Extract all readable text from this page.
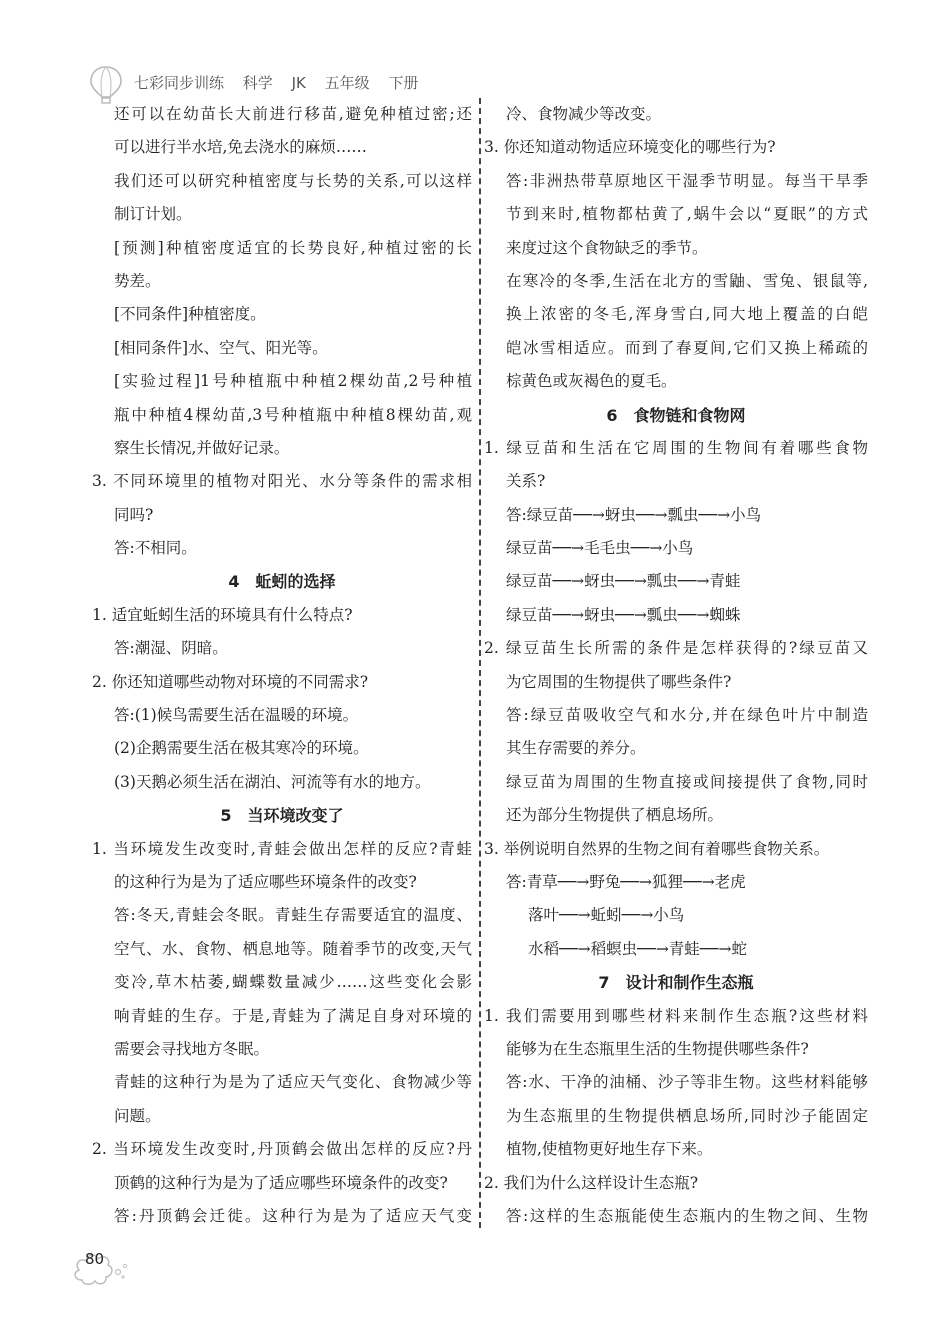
七彩同步训练 科学 JK 五年级 下册
还可以在幼苗长大前进行移苗,避免种植过密;还
可以进行半水培,免去浇水的麻烦……
我们还可以研究种植密度与长势的关系,可以这样
制订计划。
[预测]种植密度适宜的长势良好,种植过密的长
势差。
[不同条件]种植密度。
[相同条件]水、空气、阳光等。
[实验过程]1号种植瓶中种植2棵幼苗,2号种植
瓶中种植4棵幼苗,3号种植瓶中种植8棵幼苗,观
察生长情况,并做好记录。
3. 不同环境里的植物对阳光、水分等条件的需求相
同吗?
答:不相同。
4　蚯蚓的选择
1. 适宜蚯蚓生活的环境具有什么特点?
答:潮湿、阴暗。
2. 你还知道哪些动物对环境的不同需求?
答:(1)候鸟需要生活在温暖的环境。
(2)企鹅需要生活在极其寒冷的环境。
(3)天鹅必须生活在湖泊、河流等有水的地方。
5　当环境改变了
1. 当环境发生改变时,青蛙会做出怎样的反应?青蛙
的这种行为是为了适应哪些环境条件的改变?
答:冬天,青蛙会冬眠。青蛙生存需要适宜的温度、
空气、水、食物、栖息地等。随着季节的改变,天气
变冷,草木枯萎,蝴蝶数量减少……这些变化会影
响青蛙的生存。于是,青蛙为了满足自身对环境的
需要会寻找地方冬眠。
青蛙的这种行为是为了适应天气变化、食物减少等
问题。
2. 当环境发生改变时,丹顶鹤会做出怎样的反应?丹
顶鹤的这种行为是为了适应哪些环境条件的改变?
答:丹顶鹤会迁徙。这种行为是为了适应天气变
冷、食物减少等改变。
3. 你还知道动物适应环境变化的哪些行为?
答:非洲热带草原地区干湿季节明显。每当干旱季
节到来时,植物都枯黄了,蜗牛会以“夏眠”的方式
来度过这个食物缺乏的季节。
在寒冷的冬季,生活在北方的雪鼬、雪兔、银鼠等,
换上浓密的冬毛,浑身雪白,同大地上覆盖的白皑
皑冰雪相适应。而到了春夏间,它们又换上稀疏的
棕黄色或灰褐色的夏毛。
6　食物链和食物网
1. 绿豆苗和生活在它周围的生物间有着哪些食物
关系?
答:绿豆苗──→蚜虫──→瓢虫──→小鸟
绿豆苗──→毛毛虫──→小鸟
绿豆苗──→蚜虫──→瓢虫──→青蛙
绿豆苗──→蚜虫──→瓢虫──→蜘蛛
2. 绿豆苗生长所需的条件是怎样获得的?绿豆苗又
为它周围的生物提供了哪些条件?
答:绿豆苗吸收空气和水分,并在绿色叶片中制造
其生存需要的养分。
绿豆苗为周围的生物直接或间接提供了食物,同时
还为部分生物提供了栖息场所。
3. 举例说明自然界的生物之间有着哪些食物关系。
答:青草──→野兔──→狐狸──→老虎
落叶──→蚯蚓──→小鸟
水稻──→稻螟虫──→青蛙──→蛇
7　设计和制作生态瓶
1. 我们需要用到哪些材料来制作生态瓶?这些材料
能够为在生态瓶里生活的生物提供哪些条件?
答:水、干净的油桶、沙子等非生物。这些材料能够
为生态瓶里的生物提供栖息场所,同时沙子能固定
植物,使植物更好地生存下来。
2. 我们为什么这样设计生态瓶?
答:这样的生态瓶能使生态瓶内的生物之间、生物
80
